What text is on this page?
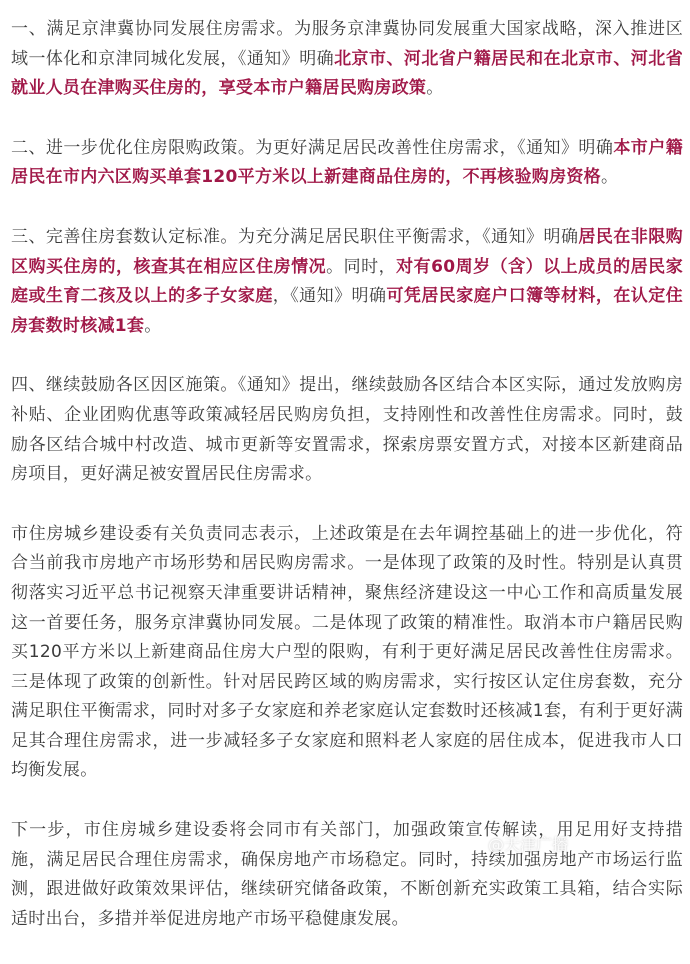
一、满足京津冀协同发展住房需求。为服务京津冀协同发展重大国家战略，深入推进区域一体化和京津同城化发展，《通知》明确北京市、河北省户籍居民和在北京市、河北省就业人员在津购买住房的，享受本市户籍居民购房政策。

二、进一步优化住房限购政策。为更好满足居民改善性住房需求，《通知》明确本市户籍居民在市内六区购买单套120平方米以上新建商品住房的，不再核验购房资格。

三、完善住房套数认定标准。为充分满足居民职住平衡需求，《通知》明确居民在非限购区购买住房的，核查其在相应区住房情况。同时，对有60周岁（含）以上成员的居民家庭或生育二孩及以上的多子女家庭，《通知》明确可凭居民家庭户口簿等材料，在认定住房套数时核减1套。

四、继续鼓励各区因区施策。《通知》提出，继续鼓励各区结合本区实际，通过发放购房补贴、企业团购优惠等政策减轻居民购房负担，支持刚性和改善性住房需求。同时，鼓励各区结合城中村改造、城市更新等安置需求，探索房票安置方式，对接本区新建商品房项目，更好满足被安置居民住房需求。

市住房城乡建设委有关负责同志表示，上述政策是在去年调控基础上的进一步优化，符合当前我市房地产市场形势和居民购房需求。一是体现了政策的及时性。特别是认真贯彻落实习近平总书记视察天津重要讲话精神，聚焦经济建设这一中心工作和高质量发展这一首要任务，服务京津冀协同发展。二是体现了政策的精准性。取消本市户籍居民购买120平方米以上新建商品住房大户型的限购，有利于更好满足居民改善性住房需求。三是体现了政策的创新性。针对居民跨区域的购房需求，实行按区认定住房套数，充分满足职住平衡需求，同时对多子女家庭和养老家庭认定套数时还核减1套，有利于更好满足其合理住房需求，进一步减轻多子女家庭和照料老人家庭的居住成本，促进我市人口均衡发展。

下一步，市住房城乡建设委将会同市有关部门，加强政策宣传解读，用足用好支持措施，满足居民合理住房需求，确保房地产市场稳定。同时，持续加强房地产市场运行监测，跟进做好政策效果评估，继续研究储备政策，不断创新充实政策工具箱，结合实际适时出台，多措并举促进房地产市场平稳健康发展。

@天津广播
